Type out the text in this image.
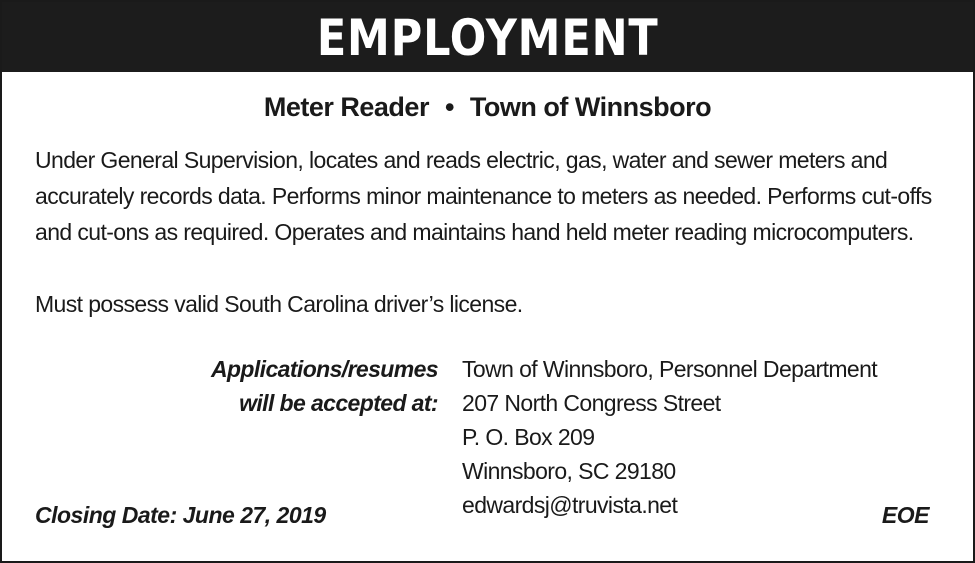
EMPLOYMENT
Meter Reader • Town of Winnsboro
Under General Supervision, locates and reads electric, gas, water and sewer meters and
accurately records data. Performs minor maintenance to meters as needed. Performs cut-offs
and cut-ons as required. Operates and maintains hand held meter reading microcomputers.
Must possess valid South Carolina driver’s license.
Applications/resumes
will be accepted at:
Town of Winnsboro, Personnel Department
207 North Congress Street
P. O. Box 209
Winnsboro, SC 29180
edwardsj@truvista.net
Closing Date: June 27, 2019	EOE
